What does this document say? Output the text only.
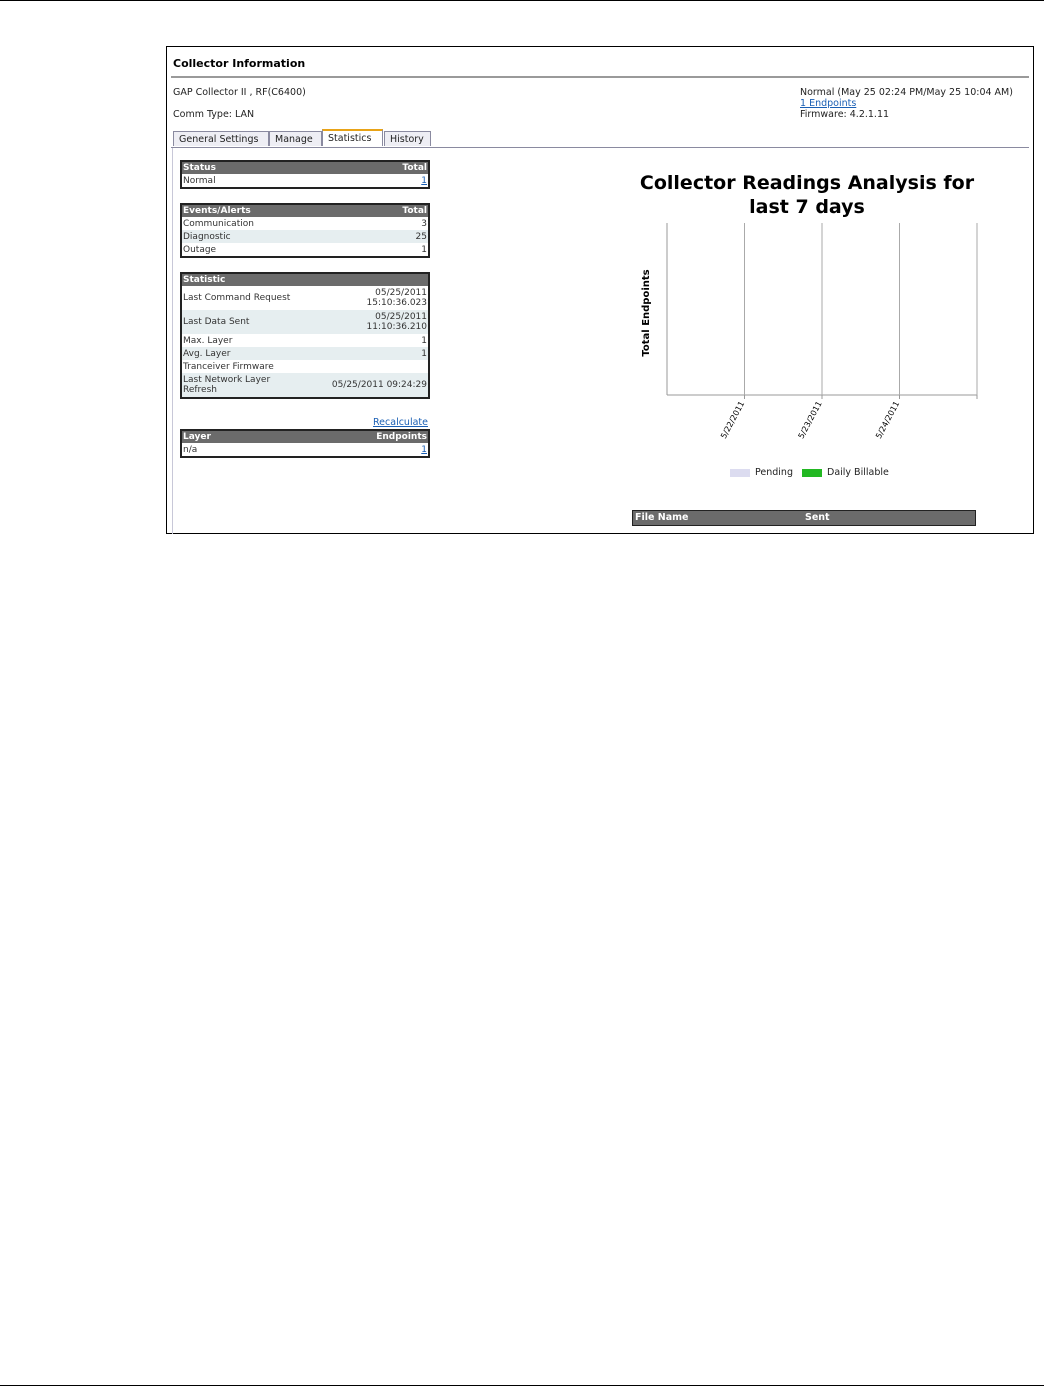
Collector Information
GAP Collector II , RF(C6400)
Comm Type: LAN
Normal (May 25 02:24 PM/May 25 10:04 AM)
1 Endpoints
Firmware: 4.2.1.11
General Settings	Manage	Statistics	History
Status	Total
Normal	1
Events/Alerts	Total
Communication	3
Diagnostic	25
Outage	1
Statistic
Last Command Request	05/25/2011
15:10:36.023
Last Data Sent	05/25/2011
11:10:36.210
Max. Layer	1
Avg. Layer	1
Tranceiver Firmware
Last Network Layer
Refresh	05/25/2011 09:24:29
Recalculate
Layer	Endpoints
n/a	1
Collector Readings Analysis for last 7 days
Total Endpoints
5/22/2011	5/23/2011	5/24/2011
Pending	Daily Billable
File Name	Sent
